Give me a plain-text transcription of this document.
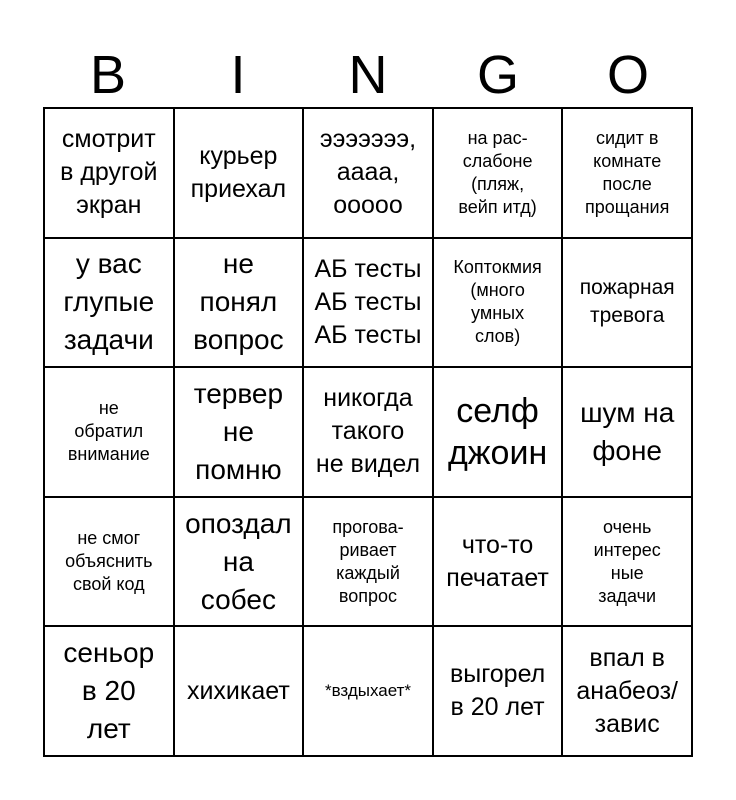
B	I	N	G	O
смотрит
в другой
экран
курьер
приехал
эээээээ,
аааа,
ооооо
на рас-
слабоне
(пляж,
вейп итд)
сидит в
комнате
после
прощания
у вас
глупые
задачи
не
понял
вопрос
АБ тесты
АБ тесты
АБ тесты
Коптокмия
(много
умных
слов)
пожарная
тревога
не
обратил
внимание
тервер
не
помню
никогда
такого
не видел
селф
джоин
шум на
фоне
не смог
объяснить
свой код
опоздал
на
собес
прогова-
ривает
каждый
вопрос
что-то
печатает
очень
интерес
ные
задачи
сеньор
в 20
лет
хихикает *вздыхает*
выгорел
в 20 лет
впал в
анабеоз/
завис
